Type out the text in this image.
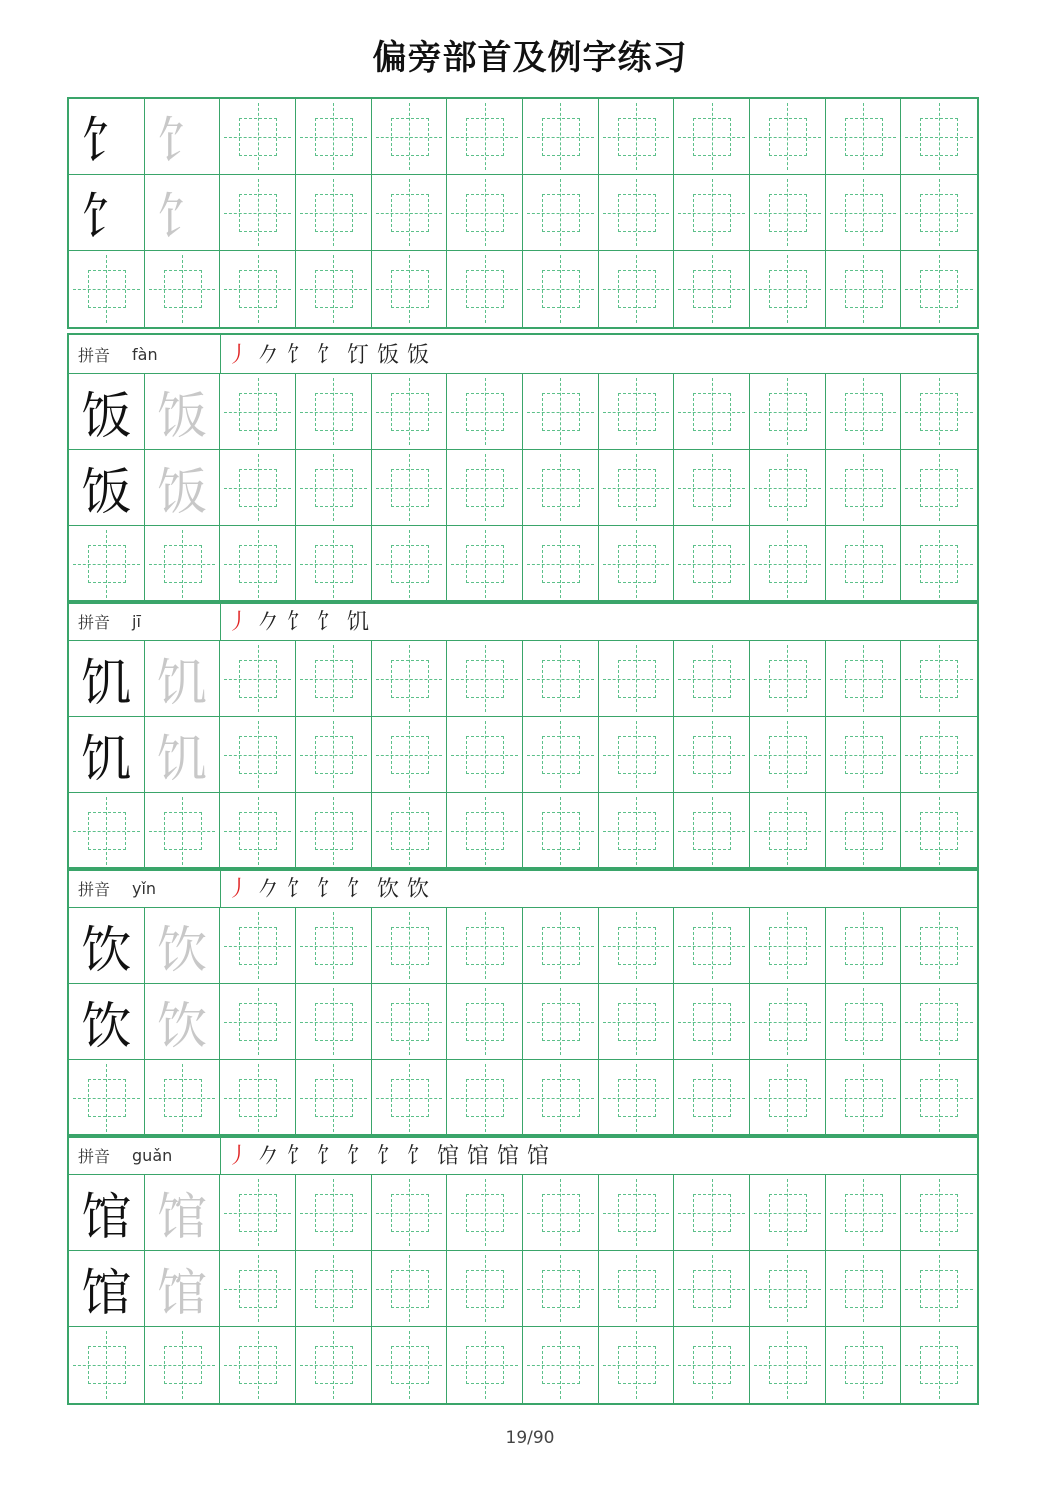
偏旁部首及例字练习
饣 饣
饣 饣
拼音 fàn	丿 𠂊 饣 饣 饤 饭 饭
饭 饭
饭 饭
拼音 jī	丿 𠂊 饣 饣 饥
饥 饥
饥 饥
拼音 yǐn	丿 𠂊 饣 饣 饣 饮 饮
饮 饮
饮 饮
拼音 guǎn 丿 𠂊 饣 饣 饣 饣 饣 馆 馆 馆 馆
馆 馆
馆 馆
19/90
